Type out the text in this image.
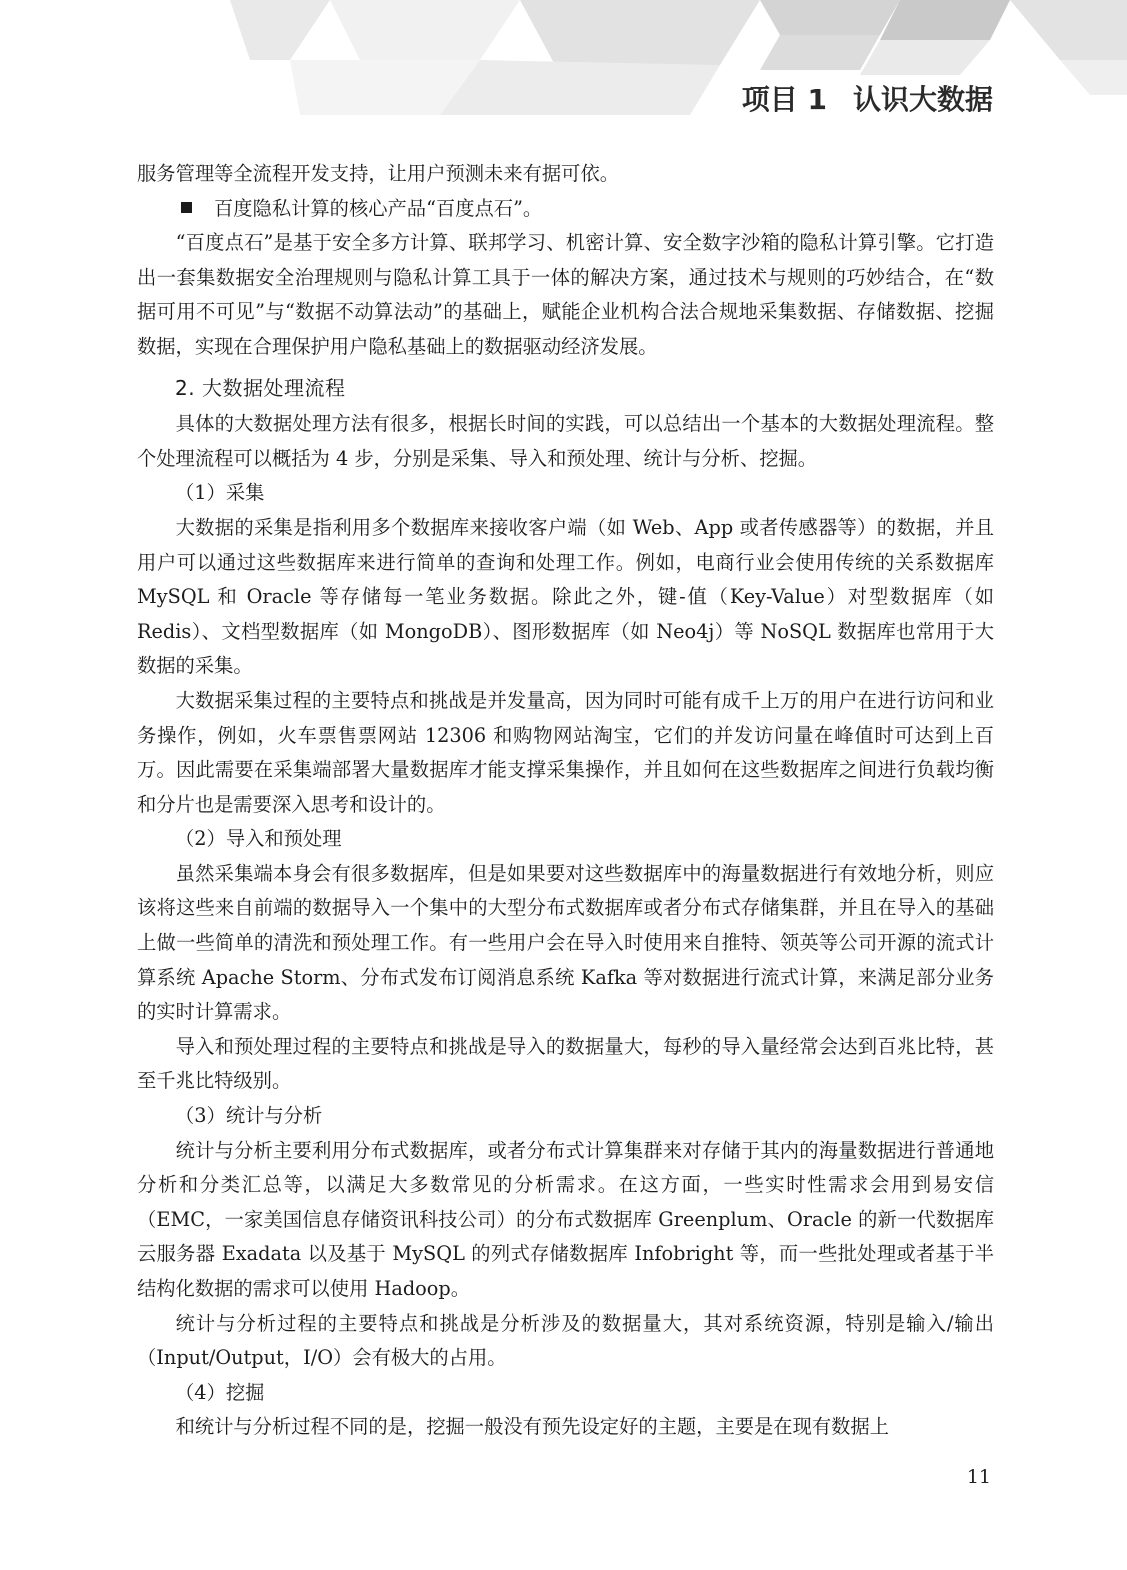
项目 1 认识大数据

服务管理等全流程开发支持，让用户预测未来有据可依。

百度隐私计算的核心产品“百度点石”。

“百度点石”是基于安全多方计算、联邦学习、机密计算、安全数字沙箱的隐私计算引擎。它打造出一套集数据安全治理规则与隐私计算工具于一体的解决方案，通过技术与规则的巧妙结合，在“数据可用不可见”与“数据不动算法动”的基础上，赋能企业机构合法合规地采集数据、存储数据、挖掘数据，实现在合理保护用户隐私基础上的数据驱动经济发展。

2. 大数据处理流程

具体的大数据处理方法有很多，根据长时间的实践，可以总结出一个基本的大数据处理流程。整个处理流程可以概括为 4 步，分别是采集、导入和预处理、统计与分析、挖掘。

（1）采集

大数据的采集是指利用多个数据库来接收客户端（如 Web、App 或者传感器等）的数据，并且用户可以通过这些数据库来进行简单的查询和处理工作。例如，电商行业会使用传统的关系数据库 MySQL 和 Oracle 等存储每一笔业务数据。除此之外，键-值（Key-Value）对型数据库（如 Redis）、文档型数据库（如 MongoDB）、图形数据库（如 Neo4j）等 NoSQL 数据库也常用于大数据的采集。

大数据采集过程的主要特点和挑战是并发量高，因为同时可能有成千上万的用户在进行访问和业务操作，例如，火车票售票网站 12306 和购物网站淘宝，它们的并发访问量在峰值时可达到上百万。因此需要在采集端部署大量数据库才能支撑采集操作，并且如何在这些数据库之间进行负载均衡和分片也是需要深入思考和设计的。

（2）导入和预处理

虽然采集端本身会有很多数据库，但是如果要对这些数据库中的海量数据进行有效地分析，则应该将这些来自前端的数据导入一个集中的大型分布式数据库或者分布式存储集群，并且在导入的基础上做一些简单的清洗和预处理工作。有一些用户会在导入时使用来自推特、领英等公司开源的流式计算系统 Apache Storm、分布式发布订阅消息系统 Kafka 等对数据进行流式计算，来满足部分业务的实时计算需求。

导入和预处理过程的主要特点和挑战是导入的数据量大，每秒的导入量经常会达到百兆比特，甚至千兆比特级别。

（3）统计与分析

统计与分析主要利用分布式数据库，或者分布式计算集群来对存储于其内的海量数据进行普通地分析和分类汇总等，以满足大多数常见的分析需求。在这方面，一些实时性需求会用到易安信（EMC，一家美国信息存储资讯科技公司）的分布式数据库 Greenplum、Oracle 的新一代数据库云服务器 Exadata 以及基于 MySQL 的列式存储数据库 Infobright 等，而一些批处理或者基于半结构化数据的需求可以使用 Hadoop。

统计与分析过程的主要特点和挑战是分析涉及的数据量大，其对系统资源，特别是输入/输出（Input/Output，I/O）会有极大的占用。

（4）挖掘

和统计与分析过程不同的是，挖掘一般没有预先设定好的主题，主要是在现有数据上

11
